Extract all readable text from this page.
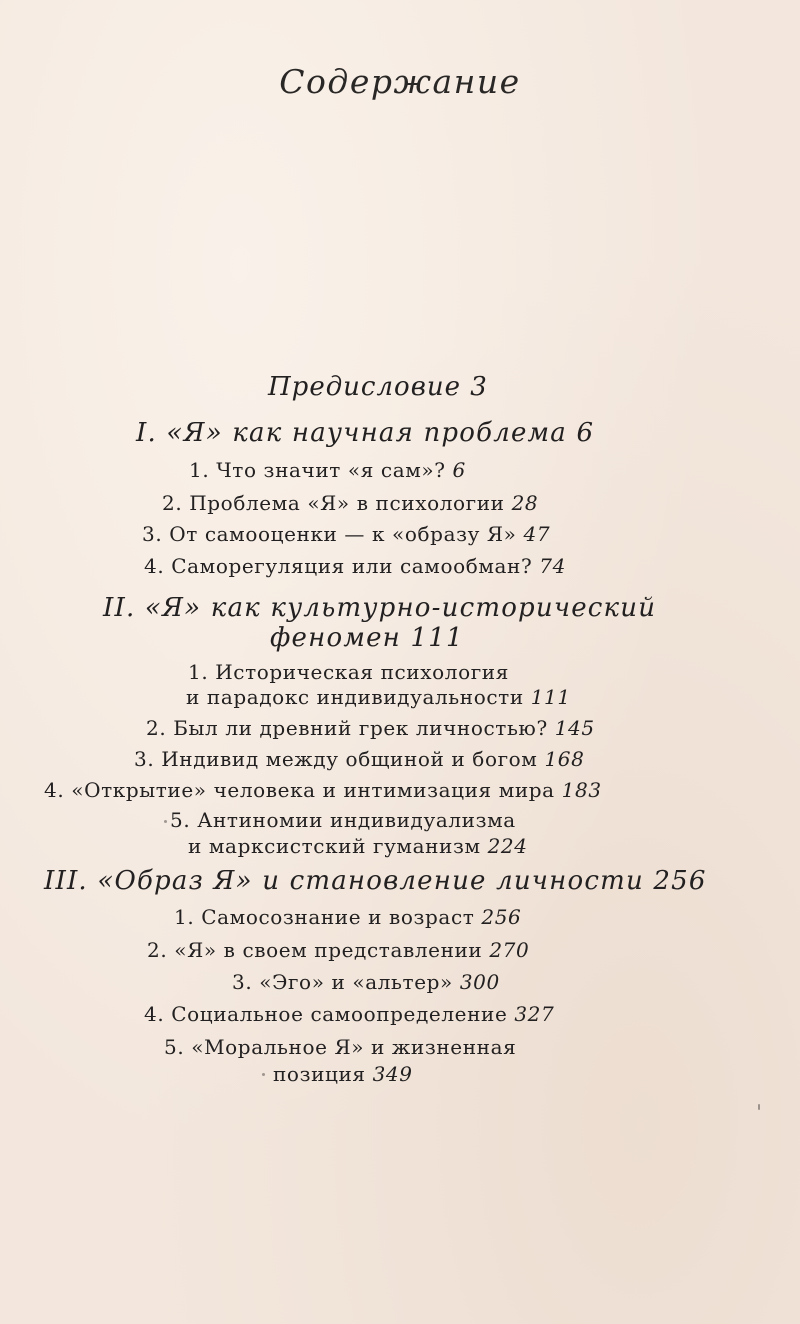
Содержание
Предисловие 3
I. «Я» как научная проблема 6
1. Что значит «я сам»? 6
2. Проблема «Я» в психологии 28
3. От самооценки — к «образу Я» 47
4. Саморегуляция или самообман? 74
II. «Я» как культурно-исторический
феномен 111
1. Историческая психология
и парадокс индивидуальности 111
2. Был ли древний грек личностью? 145
3. Индивид между общиной и богом 168
4. «Открытие» человека и интимизация мира 183
5. Антиномии индивидуализма
и марксистский гуманизм 224
III. «Образ Я» и становление личности 256
1. Самосознание и возраст 256
2. «Я» в своем представлении 270
3. «Эго» и «альтер» 300
4. Социальное самоопределение 327
5. «Моральное Я» и жизненная
позиция 349
